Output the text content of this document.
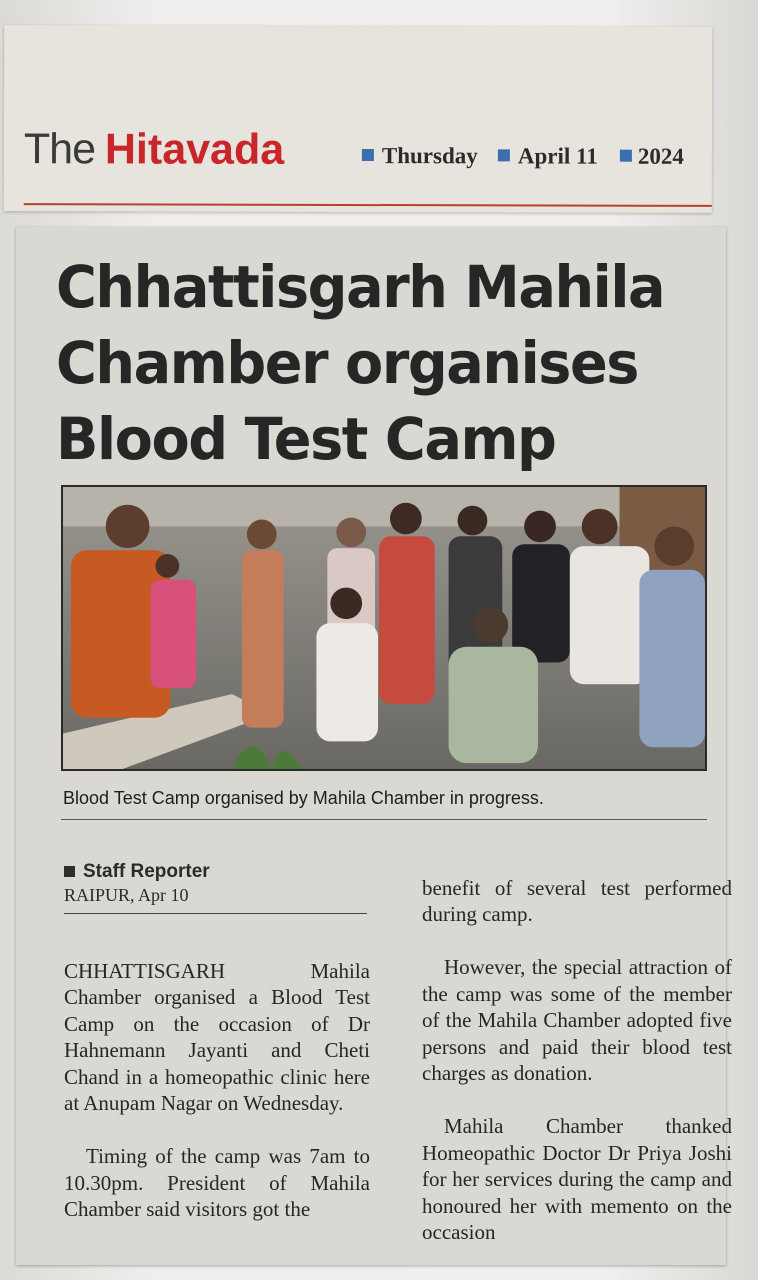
The Hitavada	Thursday April 11 2024
Chhattisgarh Mahila
Chamber organises
Blood Test Camp
Blood Test Camp organised by Mahila Chamber in progress.
Staff Reporter
RAIPUR, Apr 10

CHHATTISGARH Mahila Chamber organised a Blood Test Camp on the occasion of Dr Hahnemann Jayanti and Cheti Chand in a homeopathic clinic here at Anupam Nagar on Wednesday.

Timing of the camp was 7am to 10.30pm. President of Mahila Chamber said visitors got the

benefit of several test performed during camp.

However, the special attraction of the camp was some of the member of the Mahila Chamber adopted five persons and paid their blood test charges as donation.

Mahila Chamber thanked Homeopathic Doctor Dr Priya Joshi for her services during the camp and honoured her with memento on the occasion
